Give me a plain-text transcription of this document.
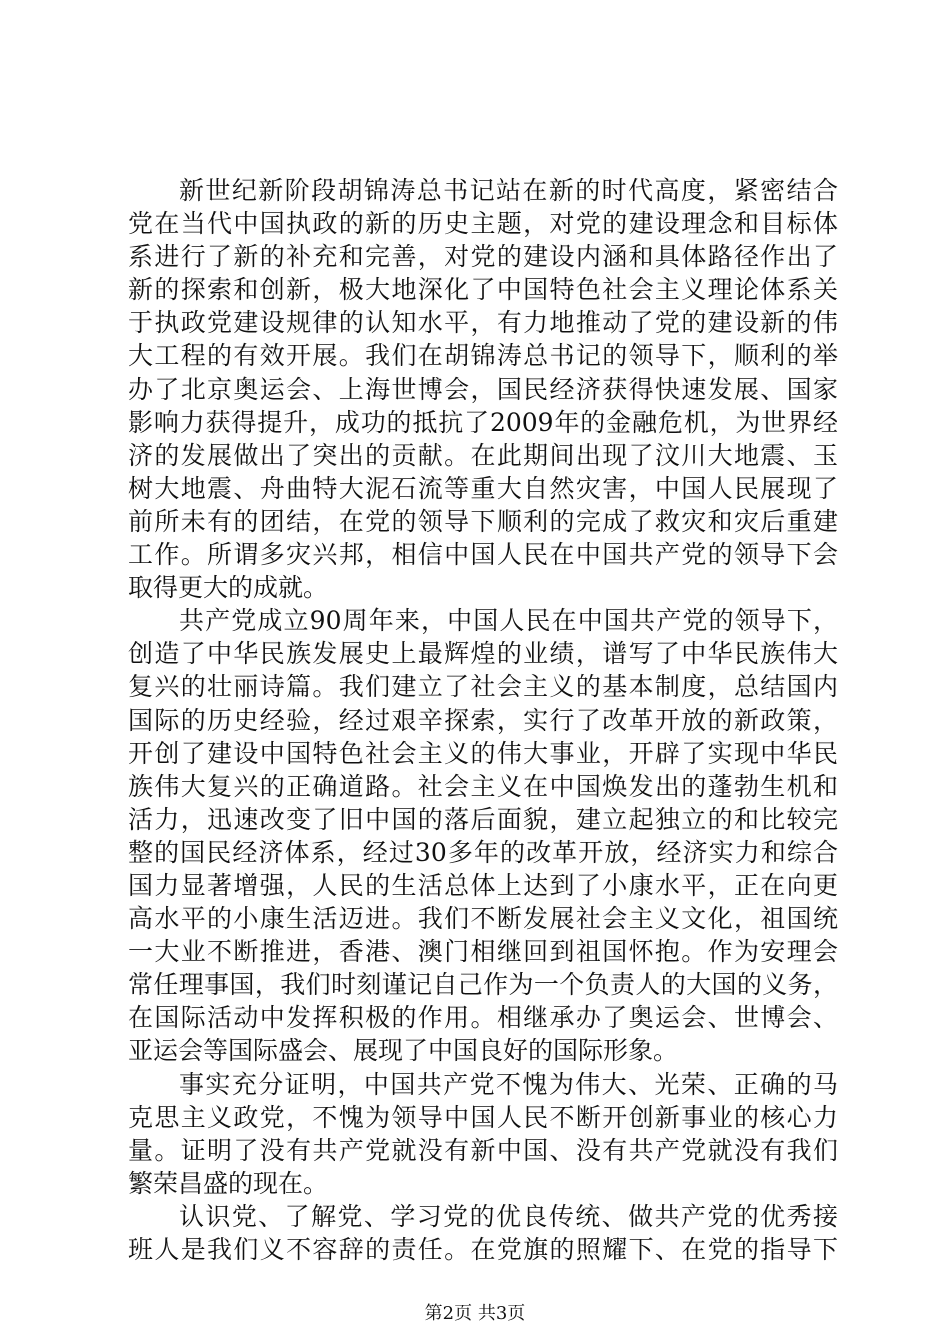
新世纪新阶段胡锦涛总书记站在新的时代高度，紧密结合
党在当代中国执政的新的历史主题，对党的建设理念和目标体
系进行了新的补充和完善，对党的建设内涵和具体路径作出了
新的探索和创新，极大地深化了中国特色社会主义理论体系关
于执政党建设规律的认知水平，有力地推动了党的建设新的伟
大工程的有效开展。我们在胡锦涛总书记的领导下，顺利的举
办了北京奥运会、上海世博会，国民经济获得快速发展、国家
影响力获得提升，成功的抵抗了2009年的金融危机，为世界经
济的发展做出了突出的贡献。在此期间出现了汶川大地震、玉
树大地震、舟曲特大泥石流等重大自然灾害，中国人民展现了
前所未有的团结，在党的领导下顺利的完成了救灾和灾后重建
工作。所谓多灾兴邦，相信中国人民在中国共产党的领导下会
取得更大的成就。
共产党成立90周年来，中国人民在中国共产党的领导下，
创造了中华民族发展史上最辉煌的业绩，谱写了中华民族伟大
复兴的壮丽诗篇。我们建立了社会主义的基本制度，总结国内
国际的历史经验，经过艰辛探索，实行了改革开放的新政策，
开创了建设中国特色社会主义的伟大事业，开辟了实现中华民
族伟大复兴的正确道路。社会主义在中国焕发出的蓬勃生机和
活力，迅速改变了旧中国的落后面貌，建立起独立的和比较完
整的国民经济体系，经过30多年的改革开放，经济实力和综合
国力显著增强，人民的生活总体上达到了小康水平，正在向更
高水平的小康生活迈进。我们不断发展社会主义文化，祖国统
一大业不断推进，香港、澳门相继回到祖国怀抱。作为安理会
常任理事国，我们时刻谨记自己作为一个负责人的大国的义务，
在国际活动中发挥积极的作用。相继承办了奥运会、世博会、
亚运会等国际盛会、展现了中国良好的国际形象。
事实充分证明，中国共产党不愧为伟大、光荣、正确的马
克思主义政党，不愧为领导中国人民不断开创新事业的核心力
量。证明了没有共产党就没有新中国、没有共产党就没有我们
繁荣昌盛的现在。
认识党、了解党、学习党的优良传统、做共产党的优秀接
班人是我们义不容辞的责任。在党旗的照耀下、在党的指导下
第2页 共3页
